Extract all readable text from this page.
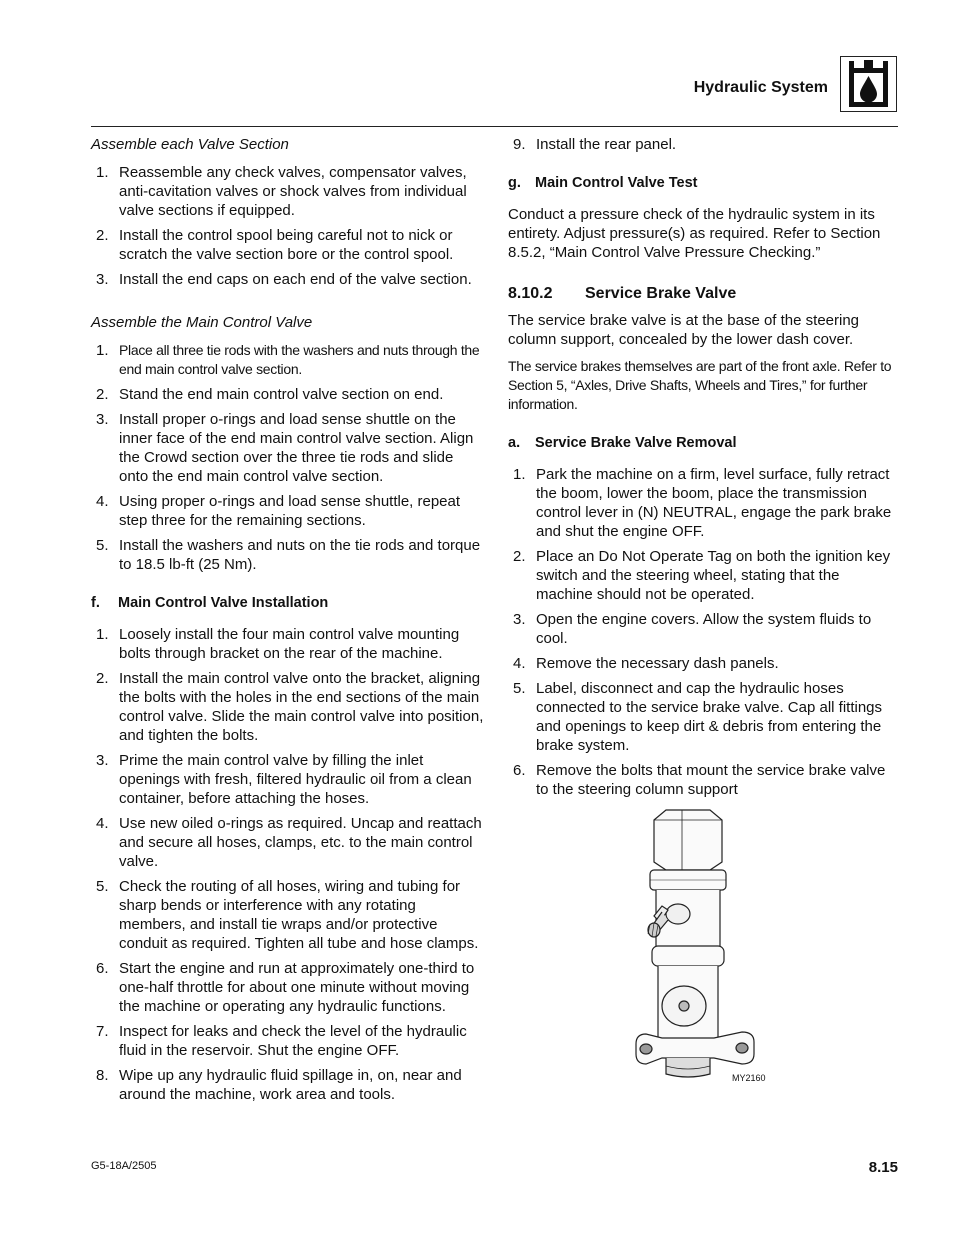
Hydraulic System

Assemble each Valve Section

1. Reassemble any check valves, compensator valves, anti-cavitation valves or shock valves from individual valve sections if equipped.
2. Install the control spool being careful not to nick or scratch the valve section bore or the control spool.
3. Install the end caps on each end of the valve section.

Assemble the Main Control Valve

1. Place all three tie rods with the washers and nuts through the end main control valve section.
2. Stand the end main control valve section on end.
3. Install proper o-rings and load sense shuttle on the inner face of the end main control valve section. Align the Crowd section over the three tie rods and slide onto the end main control valve section.
4. Using proper o-rings and load sense shuttle, repeat step three for the remaining sections.
5. Install the washers and nuts on the tie rods and torque to 18.5 lb-ft (25 Nm).
f. Main Control Valve Installation
1. Loosely install the four main control valve mounting bolts through bracket on the rear of the machine.
2. Install the main control valve onto the bracket, aligning the bolts with the holes in the end sections of the main control valve. Slide the main control valve into position, and tighten the bolts.
3. Prime the main control valve by filling the inlet openings with fresh, filtered hydraulic oil from a clean container, before attaching the hoses.
4. Use new oiled o-rings as required. Uncap and reattach and secure all hoses, clamps, etc. to the main control valve.
5. Check the routing of all hoses, wiring and tubing for sharp bends or interference with any rotating members, and install tie wraps and/or protective conduit as required. Tighten all tube and hose clamps.
6. Start the engine and run at approximately one-third to one-half throttle for about one minute without moving the machine or operating any hydraulic functions.
7. Inspect for leaks and check the level of the hydraulic fluid in the reservoir. Shut the engine OFF.
8. Wipe up any hydraulic fluid spillage in, on, near and around the machine, work area and tools.
9. Install the rear panel.
g. Main Control Valve Test

Conduct a pressure check of the hydraulic system in its entirety. Adjust pressure(s) as required. Refer to Section 8.5.2, “Main Control Valve Pressure Checking.”

8.10.2 Service Brake Valve

The service brake valve is at the base of the steering column support, concealed by the lower dash cover.

The service brakes themselves are part of the front axle. Refer to Section 5, “Axles, Drive Shafts, Wheels and Tires,” for further information.

a. Service Brake Valve Removal
1. Park the machine on a firm, level surface, fully retract the boom, lower the boom, place the transmission control lever in (N) NEUTRAL, engage the park brake and shut the engine OFF.
2. Place an Do Not Operate Tag on both the ignition key switch and the steering wheel, stating that the machine should not be operated.
3. Open the engine covers. Allow the system fluids to cool.
4. Remove the necessary dash panels.
5. Label, disconnect and cap the hydraulic hoses connected to the service brake valve. Cap all fittings and openings to keep dirt & debris from entering the brake system.
6. Remove the bolts that mount the service brake valve to the steering column support
MY2160
G5-18A/2505	8.15
